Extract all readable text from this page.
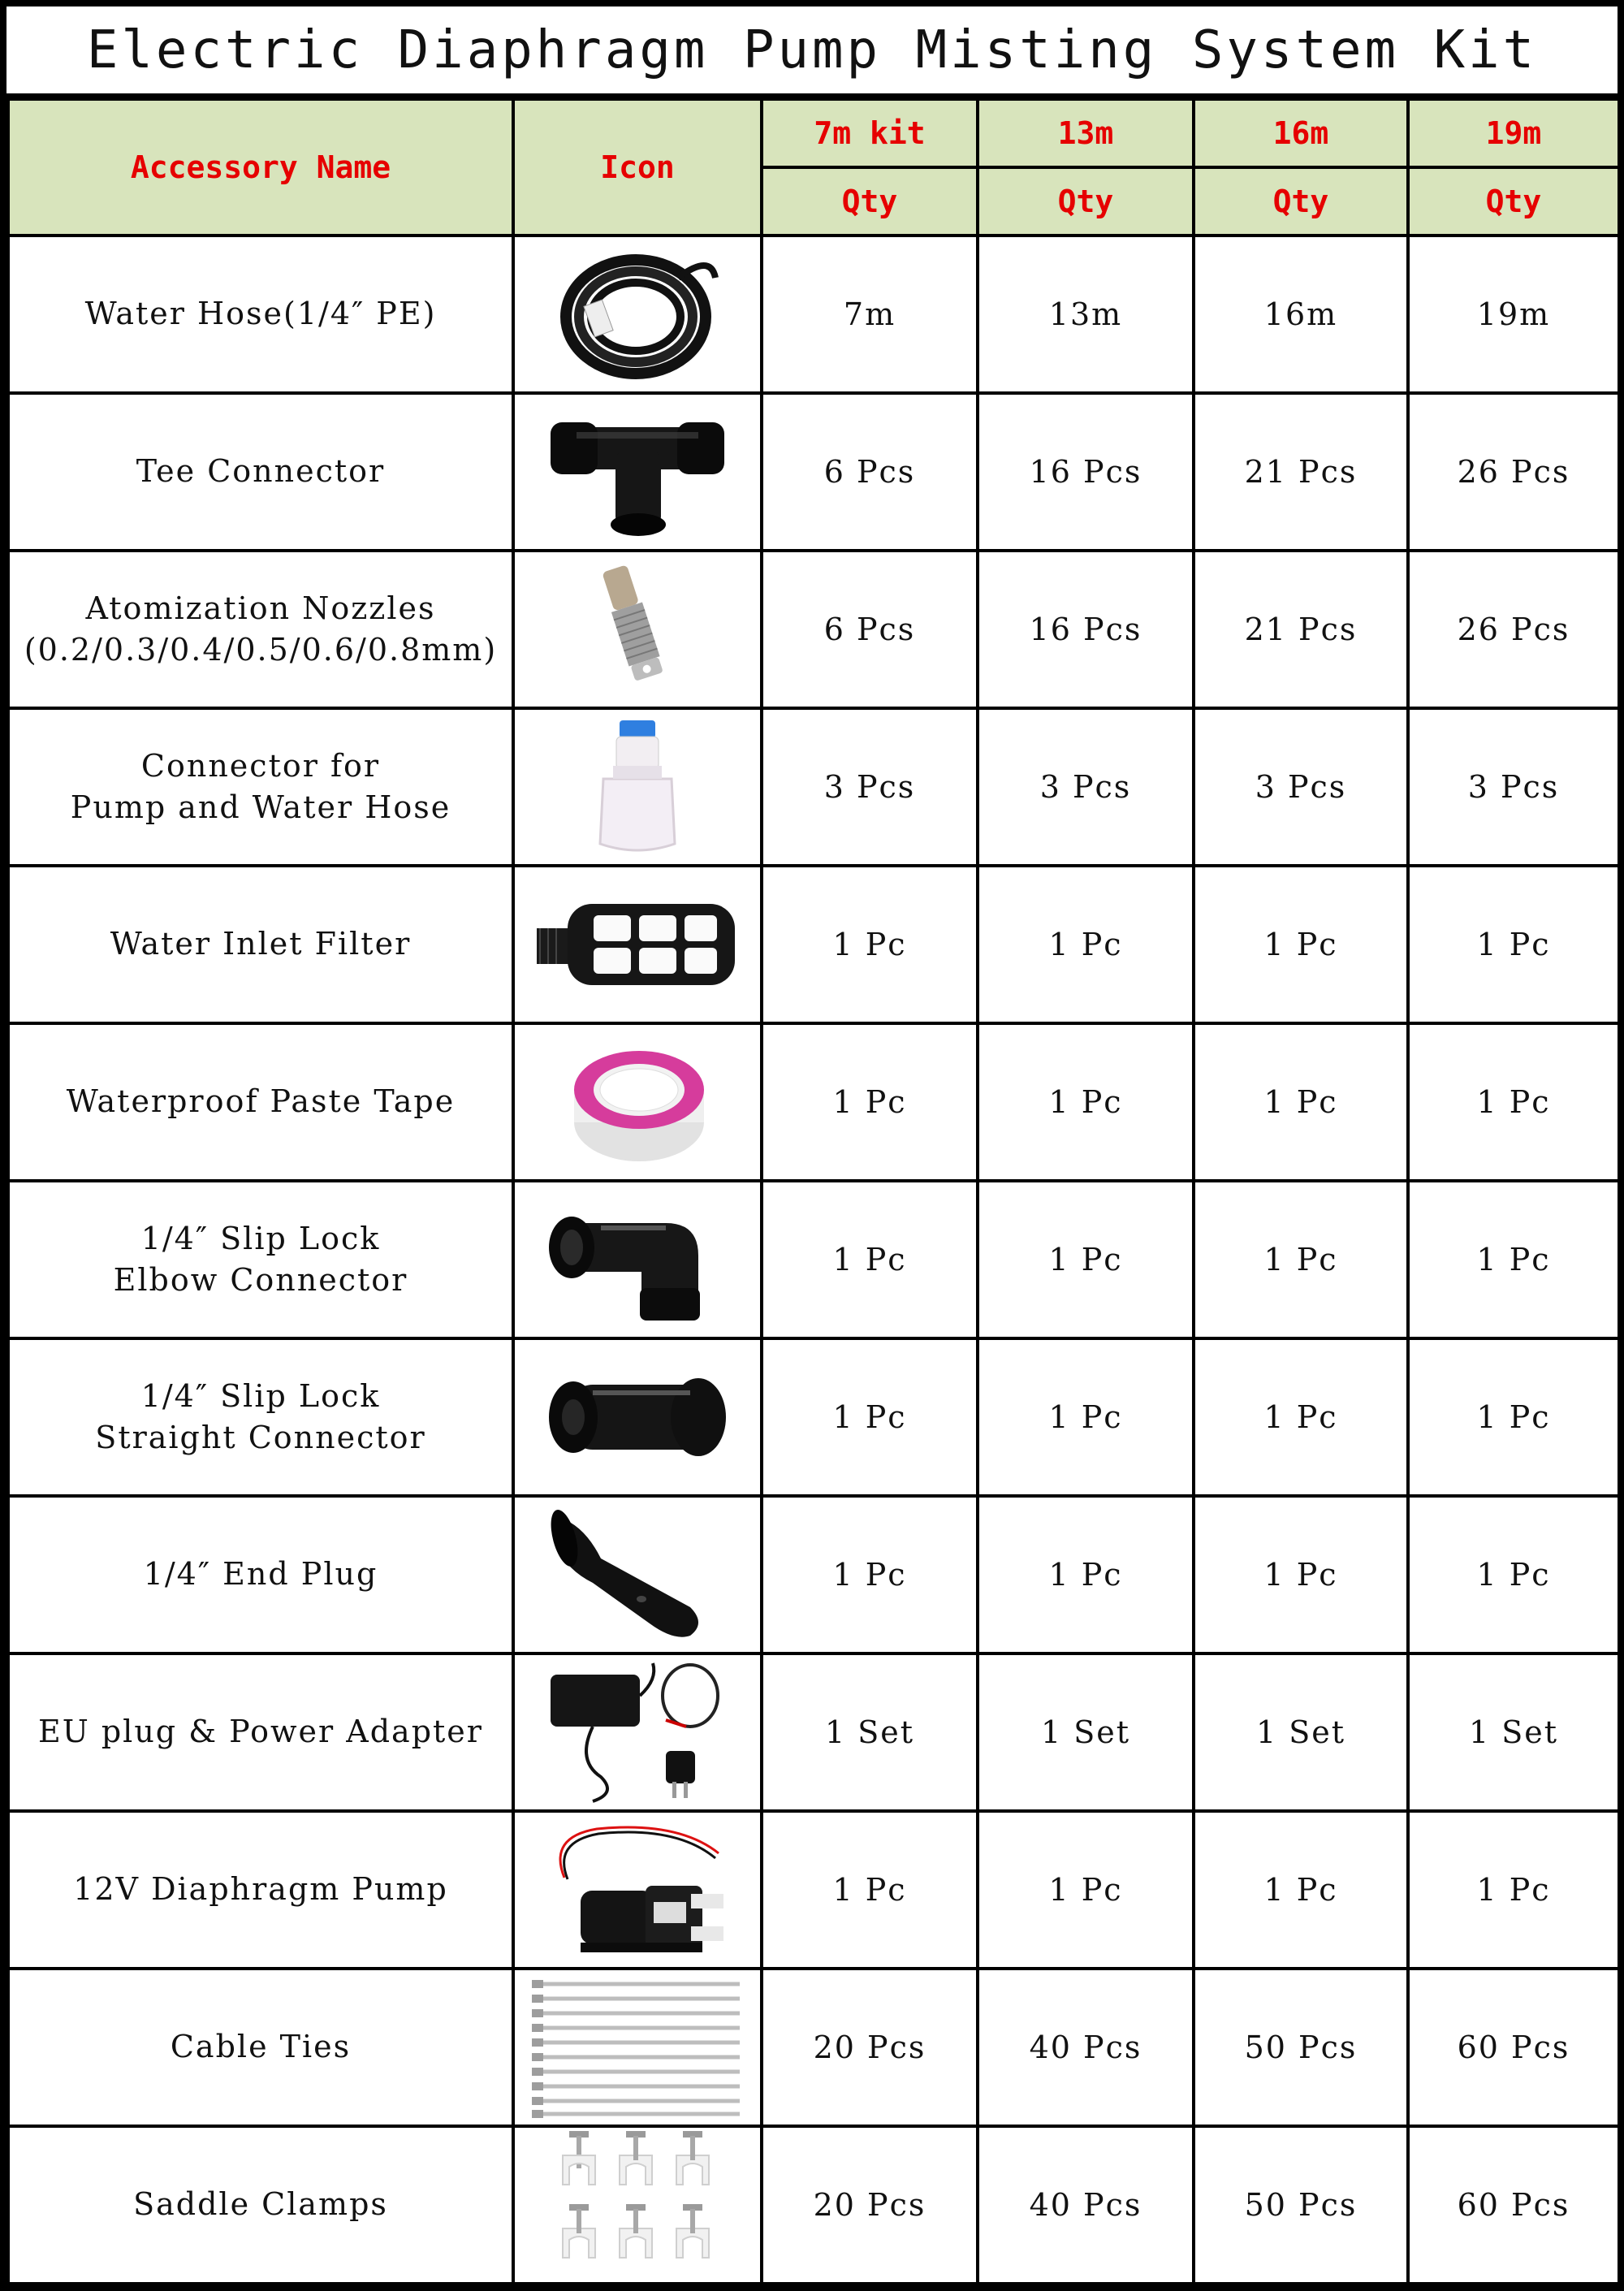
Electric Diaphragm Pump Misting System Kit
Accessory Name	Icon	7m kit	13m	16m	19m
		Qty	Qty	Qty	Qty
Water Hose(1/4″ PE)		7m	13m	16m	19m
Tee Connector		6 Pcs	16 Pcs	21 Pcs	26 Pcs
Atomization Nozzles
(0.2/0.3/0.4/0.5/0.6/0.8mm)		6 Pcs	16 Pcs	21 Pcs	26 Pcs
Connector for
Pump and Water Hose		3 Pcs	3 Pcs	3 Pcs	3 Pcs
Water Inlet Filter		1 Pc	1 Pc	1 Pc	1 Pc
Waterproof Paste Tape		1 Pc	1 Pc	1 Pc	1 Pc
1/4″ Slip Lock
Elbow Connector		1 Pc	1 Pc	1 Pc	1 Pc
1/4″ Slip Lock
Straight Connector		1 Pc	1 Pc	1 Pc	1 Pc
1/4″ End Plug		1 Pc	1 Pc	1 Pc	1 Pc
EU plug & Power Adapter		1 Set	1 Set	1 Set	1 Set
12V Diaphragm Pump		1 Pc	1 Pc	1 Pc	1 Pc
Cable Ties		20 Pcs	40 Pcs	50 Pcs	60 Pcs
Saddle Clamps		20 Pcs	40 Pcs	50 Pcs	60 Pcs
